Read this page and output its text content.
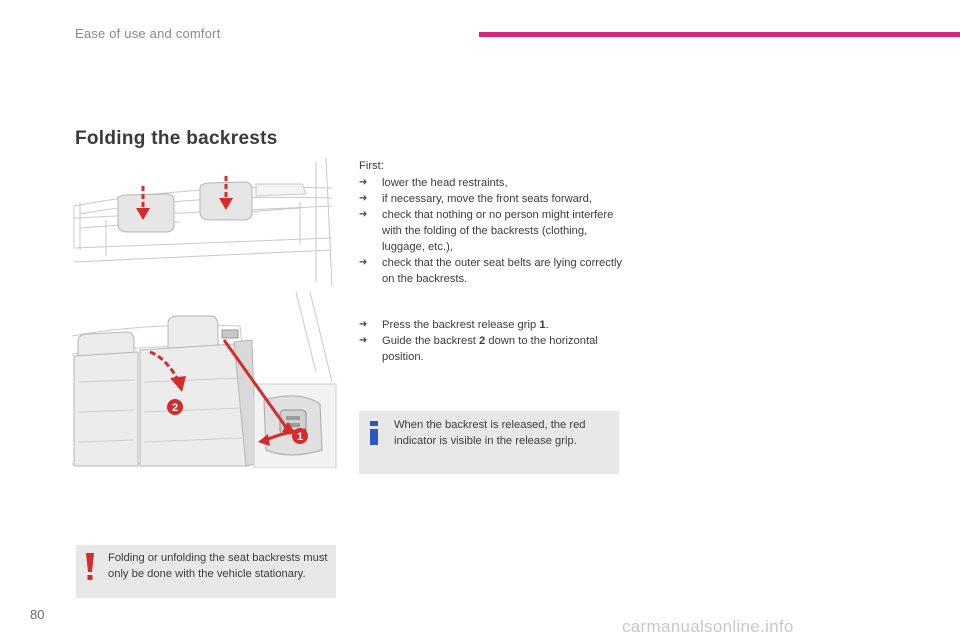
Ease of use and comfort
Folding the backrests
2
1

First:

➔	lower the head restraints,
➔	if necessary, move the front seats forward,
➔	check that nothing or no person might interfere with the folding of the backrests (clothing, luggage, etc.),
➔	check that the outer seat belts are lying correctly on the backrests.
➔	Press the backrest release grip 1.
➔	Guide the backrest 2 down to the horizontal position.
When the backrest is released, the red indicator is visible in the release grip.
Folding or unfolding the seat backrests must only be done with the vehicle stationary.
80
carmanualsonline.info
